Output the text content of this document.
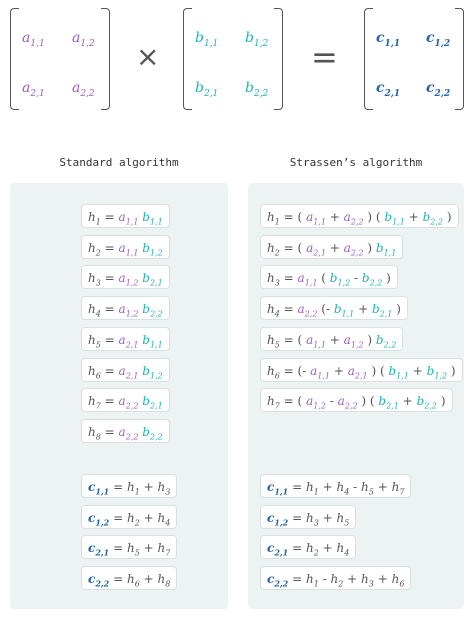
$a_{1,1}$ $a_{1,2}$
$a_{2,1}$ $a_{2,2}$
×
$b_{1,1}$ $b_{1,2}$
$b_{2,1}$ $b_{2,2}$
=	$c_{1,1}$ $c_{1,2}$
$c_{2,1}$ $c_{2,2}$
Standard algorithm	Strassen’s algorithm
$h_1 = a_{1,1}$ $b_{1,1}$
$h_2 = a_{1,1}$ $b_{1,2}$
$h_3 = a_{1,2}$ $b_{2,1}$
$h_4 = a_{1,2}$ $b_{2,2}$
$h_5 = a_{2,1}$ $b_{1,1}$
$h_6 = a_{2,1}$ $b_{1,2}$
$h_7 = a_{2,2}$ $b_{2,1}$
$h_8 = a_{2,2}$ $b_{2,2}$
$c_{1,1} = h_1 + h_3$
$c_{1,2} = h_2 + h_4$
$c_{2,1} = h_5 + h_7$
$c_{2,2} = h_6 + h_8$
$h_1$ = ( $a_{1,1} + a_{2,2}$ ) ( $b_{1,1} + b_{2,2}$ )
$h_2$ = ( $a_{2,1} + a_{2,2}$ ) $b_{1,1}$
$h_3 = a_{1,1}$ ( $b_{1,2} - b_{2,2}$ )
$h_4 = a_{2,2}$ (- $b_{1,1} + b_{2,1}$ )
$h_5$ = ( $a_{1,1} + a_{1,2}$ ) $b_{2,2}$
$h_6$ = (- $a_{1,1} + a_{2,1}$ ) ( $b_{1,1} + b_{1,2}$ )
$h_7$ = ( $a_{1,2} - a_{2,2}$ ) ( $b_{2,1} + b_{2,2}$ )
$c_{1,1} = h_1 + h_4 - h_5 + h_7$
$c_{1,2} = h_3 + h_5$
$c_{2,1} = h_2 + h_4$
$c_{2,2} = h_1 - h_2 + h_3 + h_6$
